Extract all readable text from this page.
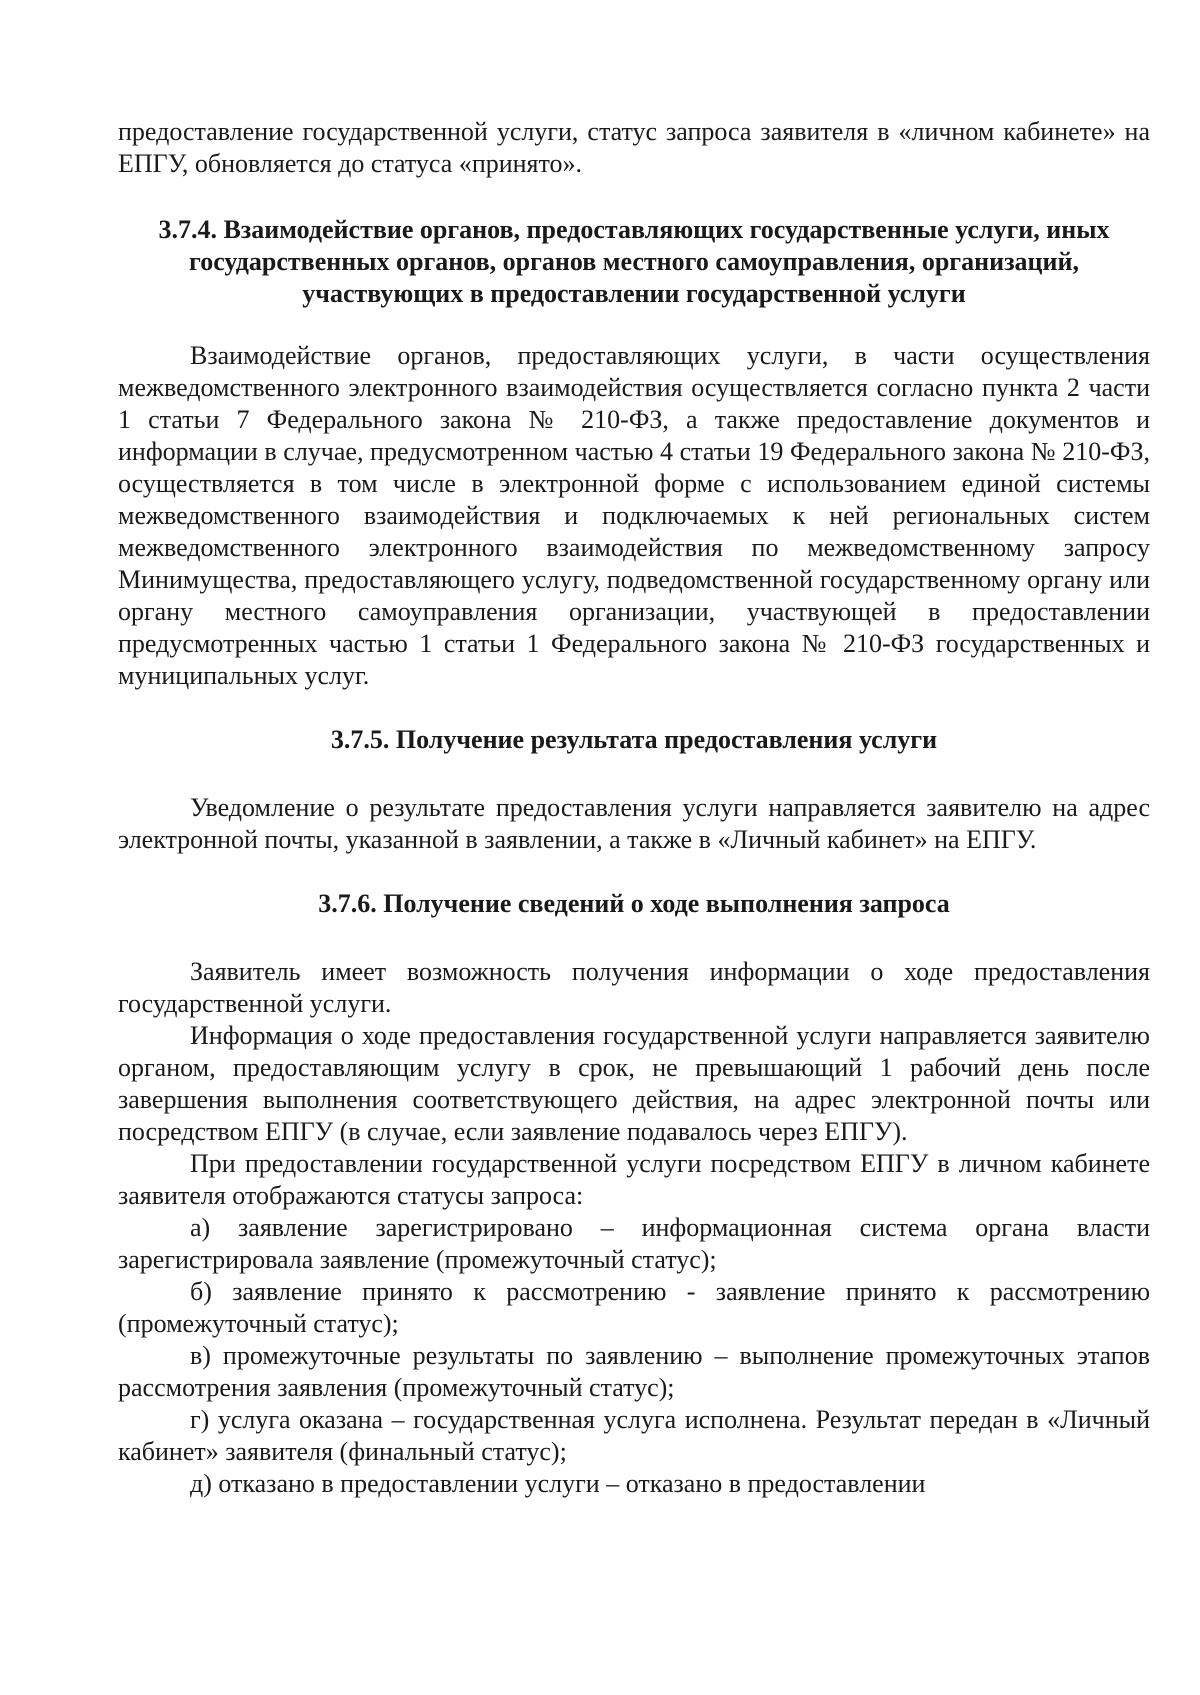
предоставление государственной услуги, статус запроса заявителя в «личном кабинете» на ЕПГУ, обновляется до статуса «принято».

3.7.4. Взаимодействие органов, предоставляющих государственные услуги, иных государственных органов, органов местного самоуправления, организаций, участвующих в предоставлении государственной услуги

Взаимодействие органов, предоставляющих услуги, в части осуществления межведомственного электронного взаимодействия осуществляется согласно пункта 2 части 1 статьи 7 Федерального закона № 210-ФЗ, а также предоставление документов и информации в случае, предусмотренном частью 4 статьи 19 Федерального закона № 210-ФЗ, осуществляется в том числе в электронной форме с использованием единой системы межведомственного взаимодействия и подключаемых к ней региональных систем межведомственного электронного взаимодействия по межведомственному запросу Минимущества, предоставляющего услугу, подведомственной государственному органу или органу местного самоуправления организации, участвующей в предоставлении предусмотренных частью 1 статьи 1 Федерального закона № 210-ФЗ государственных и муниципальных услуг.

3.7.5. Получение результата предоставления услуги

Уведомление о результате предоставления услуги направляется заявителю на адрес электронной почты, указанной в заявлении, а также в «Личный кабинет» на ЕПГУ.

3.7.6. Получение сведений о ходе выполнения запроса

Заявитель имеет возможность получения информации о ходе предоставления государственной услуги.

Информация о ходе предоставления государственной услуги направляется заявителю органом, предоставляющим услугу в срок, не превышающий 1 рабочий день после завершения выполнения соответствующего действия, на адрес электронной почты или посредством ЕПГУ (в случае, если заявление подавалось через ЕПГУ).

При предоставлении государственной услуги посредством ЕПГУ в личном кабинете заявителя отображаются статусы запроса:

а) заявление зарегистрировано – информационная система органа власти зарегистрировала заявление (промежуточный статус);

б) заявление принято к рассмотрению - заявление принято к рассмотрению (промежуточный статус);

в) промежуточные результаты по заявлению – выполнение промежуточных этапов рассмотрения заявления (промежуточный статус);

г) услуга оказана – государственная услуга исполнена. Результат передан в «Личный кабинет» заявителя (финальный статус);

д) отказано в предоставлении услуги – отказано в предоставлении
